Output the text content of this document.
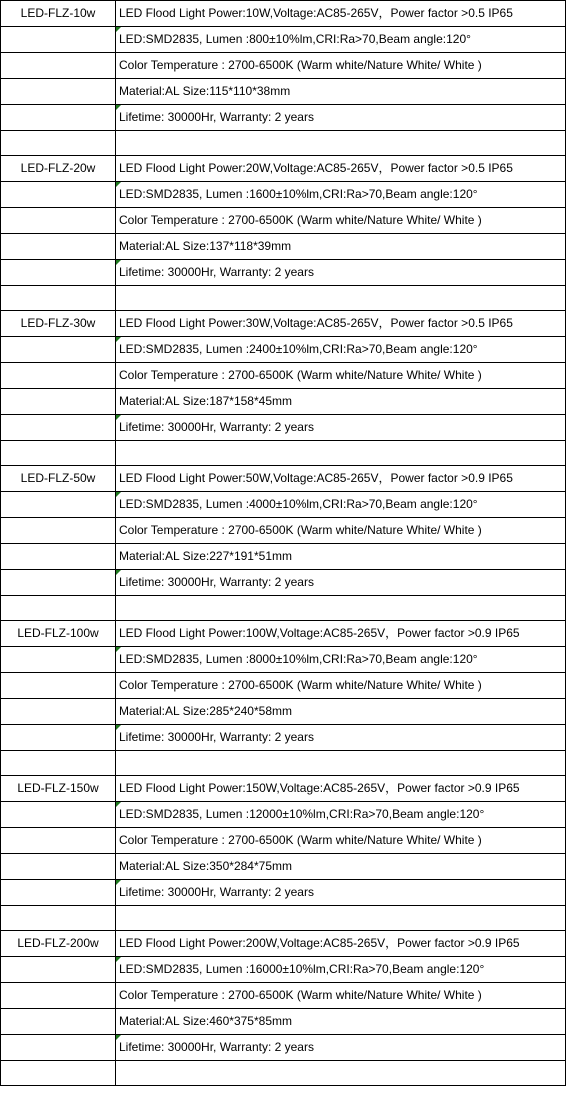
LED-FLZ-10w	LED Flood Light Power:10W,Voltage:AC85-265V，Power factor >0.5 IP65
	LED:SMD2835, Lumen :800±10%lm,CRI:Ra>70,Beam angle:120°
	Color Temperature : 2700-6500K (Warm white/Nature White/ White )
	Material:AL Size:115*110*38mm
	Lifetime: 30000Hr, Warranty: 2 years

LED-FLZ-20w	LED Flood Light Power:20W,Voltage:AC85-265V，Power factor >0.5 IP65
	LED:SMD2835, Lumen :1600±10%lm,CRI:Ra>70,Beam angle:120°
	Color Temperature : 2700-6500K (Warm white/Nature White/ White )
	Material:AL Size:137*118*39mm
	Lifetime: 30000Hr, Warranty: 2 years

LED-FLZ-30w	LED Flood Light Power:30W,Voltage:AC85-265V，Power factor >0.5 IP65
	LED:SMD2835, Lumen :2400±10%lm,CRI:Ra>70,Beam angle:120°
	Color Temperature : 2700-6500K (Warm white/Nature White/ White )
	Material:AL Size:187*158*45mm
	Lifetime: 30000Hr, Warranty: 2 years

LED-FLZ-50w	LED Flood Light Power:50W,Voltage:AC85-265V，Power factor >0.9 IP65
	LED:SMD2835, Lumen :4000±10%lm,CRI:Ra>70,Beam angle:120°
	Color Temperature : 2700-6500K (Warm white/Nature White/ White )
	Material:AL Size:227*191*51mm
	Lifetime: 30000Hr, Warranty: 2 years

LED-FLZ-100w	LED Flood Light Power:100W,Voltage:AC85-265V，Power factor >0.9 IP65
	LED:SMD2835, Lumen :8000±10%lm,CRI:Ra>70,Beam angle:120°
	Color Temperature : 2700-6500K (Warm white/Nature White/ White )
	Material:AL Size:285*240*58mm
	Lifetime: 30000Hr, Warranty: 2 years

LED-FLZ-150w	LED Flood Light Power:150W,Voltage:AC85-265V，Power factor >0.9 IP65
	LED:SMD2835, Lumen :12000±10%lm,CRI:Ra>70,Beam angle:120°
	Color Temperature : 2700-6500K (Warm white/Nature White/ White )
	Material:AL Size:350*284*75mm
	Lifetime: 30000Hr, Warranty: 2 years

LED-FLZ-200w	LED Flood Light Power:200W,Voltage:AC85-265V，Power factor >0.9 IP65
	LED:SMD2835, Lumen :16000±10%lm,CRI:Ra>70,Beam angle:120°
	Color Temperature : 2700-6500K (Warm white/Nature White/ White )
	Material:AL Size:460*375*85mm
	Lifetime: 30000Hr, Warranty: 2 years
